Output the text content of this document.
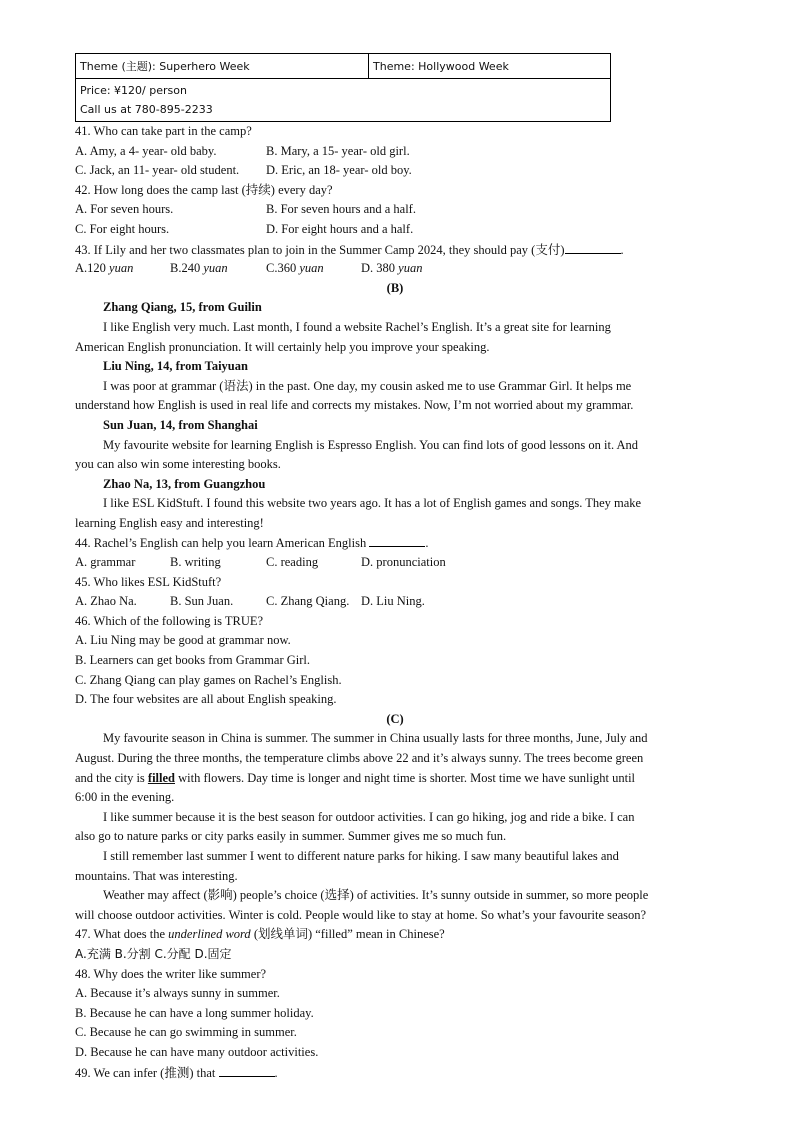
Theme (主题): Superhero Week	Theme: Hollywood Week

Price: ¥120/ person
Call us at 780-895-2233
41. Who can take part in the camp?
A. Amy, a 4- year- old baby.	B. Mary, a 15- year- old girl.
C. Jack, an 11- year- old student.	D. Eric, an 18- year- old boy.
42. How long does the camp last (持续) every day?
A. For seven hours.	B. For seven hours and a half.
C. For eight hours.	D. For eight hours and a half.
43. If Lily and her two classmates plan to join in the Summer Camp 2024, they should pay (支付)	.
A.120 yuan	B.240 yuan	C.360 yuan	D. 380 yuan
(B)
Zhang Qiang, 15, from Guilin
I like English very much. Last month, I found a website Rachel’s English. It’s a great site for learning
American English pronunciation. It will certainly help you improve your speaking.
Liu Ning, 14, from Taiyuan
I was poor at grammar (语法) in the past. One day, my cousin asked me to use Grammar Girl. It helps me
understand how English is used in real life and corrects my mistakes. Now, I’m not worried about my grammar.
Sun Juan, 14, from Shanghai
My favourite website for learning English is Espresso English. You can find lots of good lessons on it. And
you can also win some interesting books.
Zhao Na, 13, from Guangzhou
I like ESL KidStuft. I found this website two years ago. It has a lot of English games and songs. They make
learning English easy and interesting!
44. Rachel’s English can help you learn American English	.
A. grammar	B. writing	C. reading	D. pronunciation
45. Who likes ESL KidStuft?
A. Zhao Na.	B. Sun Juan.	C. Zhang Qiang. D. Liu Ning.
46. Which of the following is TRUE?
A. Liu Ning may be good at grammar now.
B. Learners can get books from Grammar Girl.
C. Zhang Qiang can play games on Rachel’s English.
D. The four websites are all about English speaking.
(C)
My favourite season in China is summer. The summer in China usually lasts for three months, June, July and
August. During the three months, the temperature climbs above 22 and it’s always sunny. The trees become green
and the city is filled with flowers. Day time is longer and night time is shorter. Most time we have sunlight until
6:00 in the evening.
I like summer because it is the best season for outdoor activities. I can go hiking, jog and ride a bike. I can
also go to nature parks or city parks easily in summer. Summer gives me so much fun.
I still remember last summer I went to different nature parks for hiking. I saw many beautiful lakes and
mountains. That was interesting.
Weather may affect (影响) people’s choice (选择) of activities. It’s sunny outside in summer, so more people
will choose outdoor activities. Winter is cold. People would like to stay at home. So what’s your favourite season?
47. What does the underlined word (划线单词) “filled” mean in Chinese?
A.充满 B.分割 C.分配 D.固定
48. Why does the writer like summer?
A. Because it’s always sunny in summer.
B. Because he can have a long summer holiday.
C. Because he can go swimming in summer.
D. Because he can have many outdoor activities.
49. We can infer (推测) that	.
